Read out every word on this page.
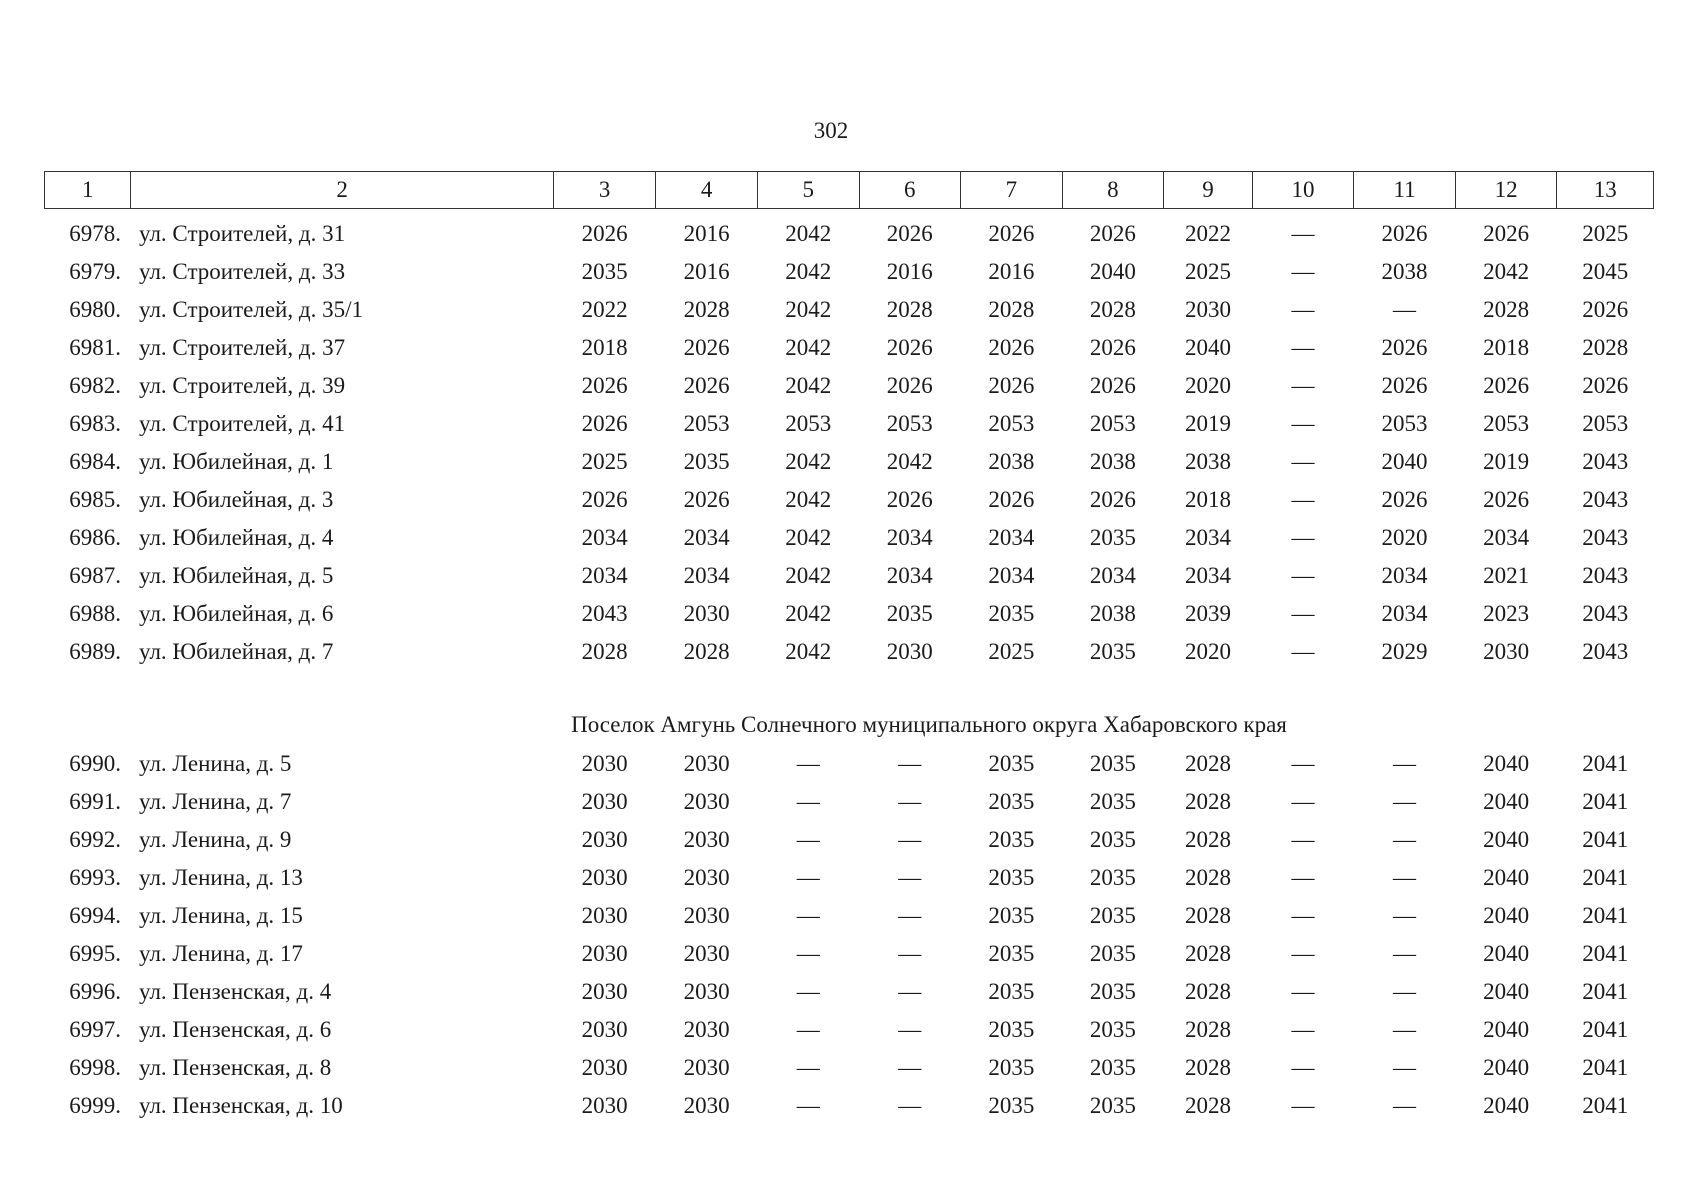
302
1	2	3	4	5	6	7	8	9	10	11	12	13
6978.	ул. Строителей, д. 31	2026	2016	2042	2026	2026	2026	2022	—	2026	2026	2025
6979.	ул. Строителей, д. 33	2035	2016	2042	2016	2016	2040	2025	—	2038	2042	2045
6980.	ул. Строителей, д. 35/1	2022	2028	2042	2028	2028	2028	2030	—	—	2028	2026
6981.	ул. Строителей, д. 37	2018	2026	2042	2026	2026	2026	2040	—	2026	2018	2028
6982.	ул. Строителей, д. 39	2026	2026	2042	2026	2026	2026	2020	—	2026	2026	2026
6983.	ул. Строителей, д. 41	2026	2053	2053	2053	2053	2053	2019	—	2053	2053	2053
6984.	ул. Юбилейная, д. 1	2025	2035	2042	2042	2038	2038	2038	—	2040	2019	2043
6985.	ул. Юбилейная, д. 3	2026	2026	2042	2026	2026	2026	2018	—	2026	2026	2043
6986.	ул. Юбилейная, д. 4	2034	2034	2042	2034	2034	2035	2034	—	2020	2034	2043
6987.	ул. Юбилейная, д. 5	2034	2034	2042	2034	2034	2034	2034	—	2034	2021	2043
6988.	ул. Юбилейная, д. 6	2043	2030	2042	2035	2035	2038	2039	—	2034	2023	2043
6989.	ул. Юбилейная, д. 7	2028	2028	2042	2030	2025	2035	2020	—	2029	2030	2043

Поселок Амгунь Солнечного муниципального округа Хабаровского края												
6990.	ул. Ленина, д. 5	2030	2030	—	—	2035	2035	2028	—	—	2040	2041
6991.	ул. Ленина, д. 7	2030	2030	—	—	2035	2035	2028	—	—	2040	2041
6992.	ул. Ленина, д. 9	2030	2030	—	—	2035	2035	2028	—	—	2040	2041
6993.	ул. Ленина, д. 13	2030	2030	—	—	2035	2035	2028	—	—	2040	2041
6994.	ул. Ленина, д. 15	2030	2030	—	—	2035	2035	2028	—	—	2040	2041
6995.	ул. Ленина, д. 17	2030	2030	—	—	2035	2035	2028	—	—	2040	2041
6996.	ул. Пензенская, д. 4	2030	2030	—	—	2035	2035	2028	—	—	2040	2041
6997.	ул. Пензенская, д. 6	2030	2030	—	—	2035	2035	2028	—	—	2040	2041
6998.	ул. Пензенская, д. 8	2030	2030	—	—	2035	2035	2028	—	—	2040	2041
6999.	ул. Пензенская, д. 10	2030	2030	—	—	2035	2035	2028	—	—	2040	2041
